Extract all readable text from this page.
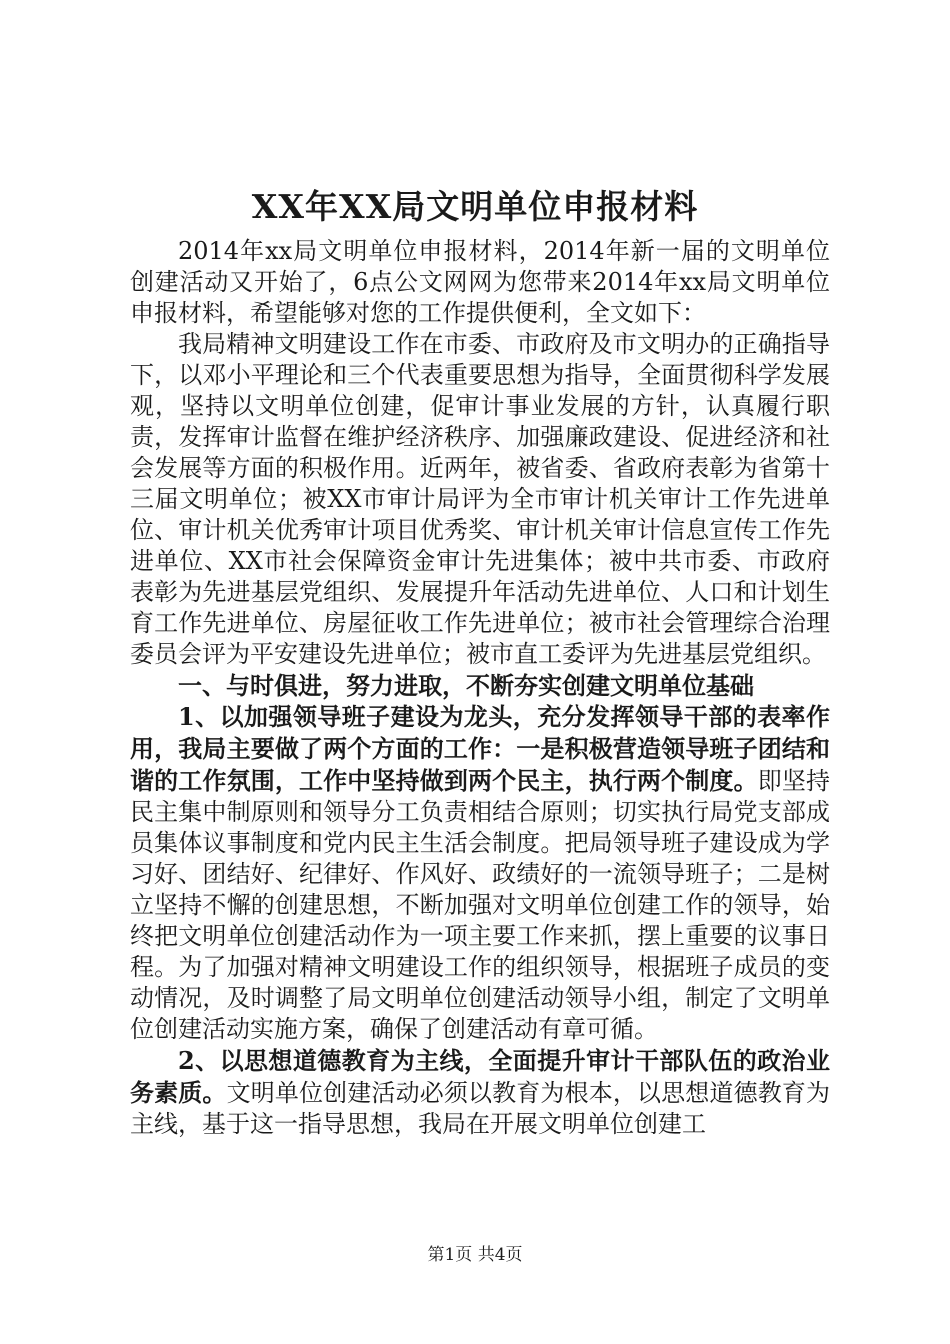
XX年XX局文明单位申报材料

2014年xx局文明单位申报材料，2014年新一届的文明单位创建活动又开始了，6点公文网网为您带来2014年xx局文明单位申报材料，希望能够对您的工作提供便利，全文如下：

我局精神文明建设工作在市委、市政府及市文明办的正确指导下，以邓小平理论和三个代表重要思想为指导，全面贯彻科学发展观，坚持以文明单位创建，促审计事业发展的方针，认真履行职责，发挥审计监督在维护经济秩序、加强廉政建设、促进经济和社会发展等方面的积极作用。近两年，被省委、省政府表彰为省第十三届文明单位；被XX市审计局评为全市审计机关审计工作先进单位、审计机关优秀审计项目优秀奖、审计机关审计信息宣传工作先进单位、XX市社会保障资金审计先进集体；被中共市委、市政府表彰为先进基层党组织、发展提升年活动先进单位、人口和计划生育工作先进单位、房屋征收工作先进单位；被市社会管理综合治理委员会评为平安建设先进单位；被市直工委评为先进基层党组织。

一、与时俱进，努力进取，不断夯实创建文明单位基础

1、以加强领导班子建设为龙头，充分发挥领导干部的表率作用，我局主要做了两个方面的工作：一是积极营造领导班子团结和谐的工作氛围，工作中坚持做到两个民主，执行两个制度。即坚持民主集中制原则和领导分工负责相结合原则；切实执行局党支部成员集体议事制度和党内民主生活会制度。把局领导班子建设成为学习好、团结好、纪律好、作风好、政绩好的一流领导班子；二是树立坚持不懈的创建思想，不断加强对文明单位创建工作的领导，始终把文明单位创建活动作为一项主要工作来抓，摆上重要的议事日程。为了加强对精神文明建设工作的组织领导，根据班子成员的变动情况，及时调整了局文明单位创建活动领导小组，制定了文明单位创建活动实施方案，确保了创建活动有章可循。

2、以思想道德教育为主线，全面提升审计干部队伍的政治业务素质。文明单位创建活动必须以教育为根本，以思想道德教育为主线，基于这一指导思想，我局在开展文明单位创建工

第1页 共4页
